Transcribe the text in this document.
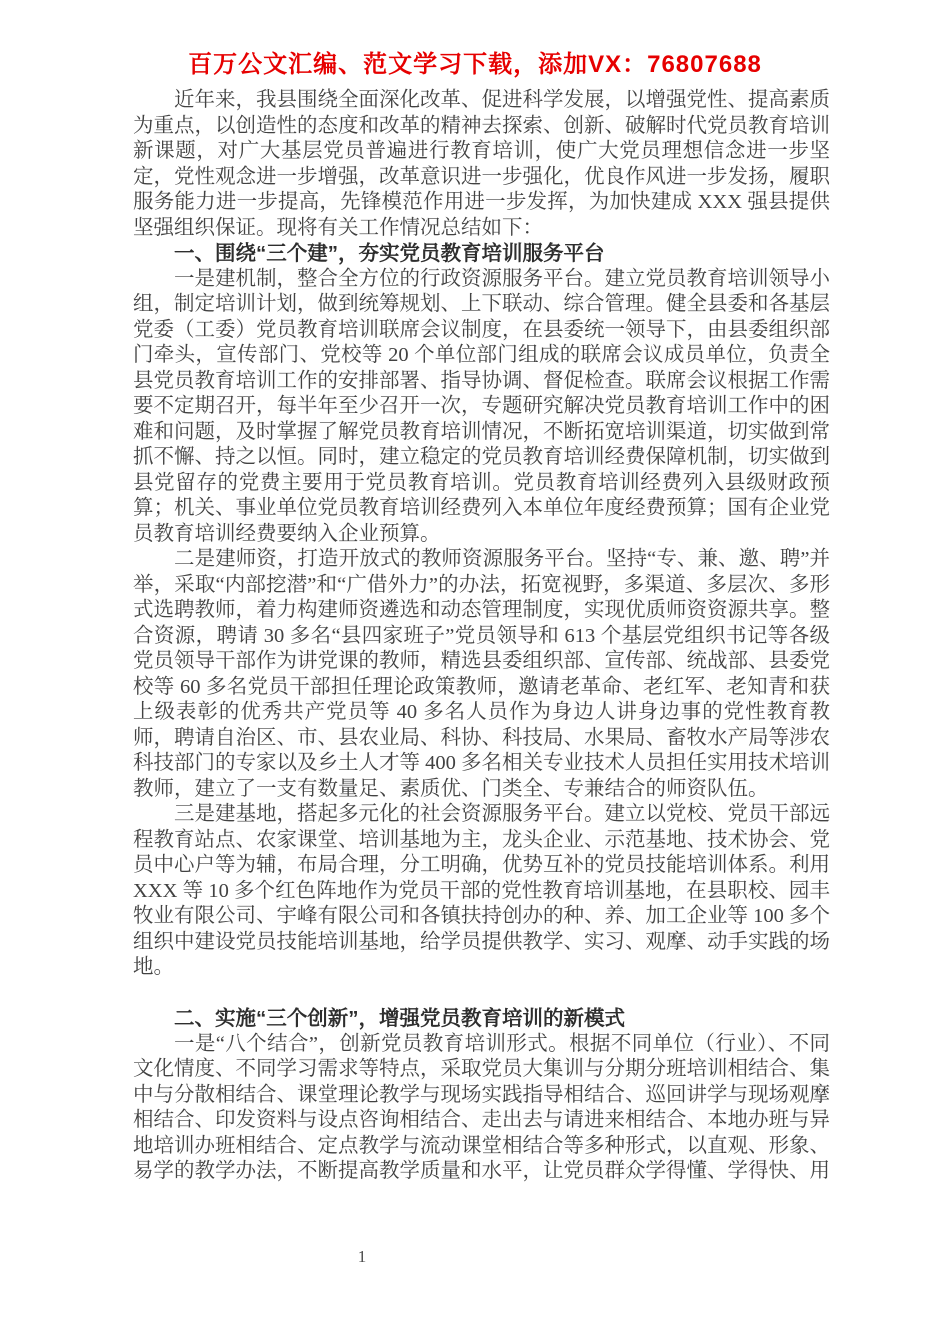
百万公文汇编、范文学习下载，添加VX：76807688

近年来，我县围绕全面深化改革、促进科学发展，以增强党性、提高素质为重点，以创造性的态度和改革的精神去探索、创新、破解时代党员教育培训新课题，对广大基层党员普遍进行教育培训，使广大党员理想信念进一步坚定，党性观念进一步增强，改革意识进一步强化，优良作风进一步发扬，履职服务能力进一步提高，先锋模范作用进一步发挥，为加快建成 XXX 强县提供坚强组织保证。现将有关工作情况总结如下：

一、围绕“三个建”，夯实党员教育培训服务平台

一是建机制，整合全方位的行政资源服务平台。建立党员教育培训领导小组，制定培训计划，做到统筹规划、上下联动、综合管理。健全县委和各基层党委（工委）党员教育培训联席会议制度，在县委统一领导下，由县委组织部门牵头，宣传部门、党校等 20 个单位部门组成的联席会议成员单位，负责全县党员教育培训工作的安排部署、指导协调、督促检查。联席会议根据工作需要不定期召开，每半年至少召开一次，专题研究解决党员教育培训工作中的困难和问题，及时掌握了解党员教育培训情况，不断拓宽培训渠道，切实做到常抓不懈、持之以恒。同时，建立稳定的党员教育培训经费保障机制，切实做到县党留存的党费主要用于党员教育培训。党员教育培训经费列入县级财政预算；机关、事业单位党员教育培训经费列入本单位年度经费预算；国有企业党员教育培训经费要纳入企业预算。

二是建师资，打造开放式的教师资源服务平台。坚持“专、兼、邀、聘”并举，采取“内部挖潜”和“广借外力”的办法，拓宽视野，多渠道、多层次、多形式选聘教师，着力构建师资遴选和动态管理制度，实现优质师资资源共享。整合资源，聘请 30 多名“县四家班子”党员领导和 613 个基层党组织书记等各级党员领导干部作为讲党课的教师，精选县委组织部、宣传部、统战部、县委党校等 60 多名党员干部担任理论政策教师，邀请老革命、老红军、老知青和获上级表彰的优秀共产党员等 40 多名人员作为身边人讲身边事的党性教育教师，聘请自治区、市、县农业局、科协、科技局、水果局、畜牧水产局等涉农科技部门的专家以及乡土人才等 400 多名相关专业技术人员担任实用技术培训教师，建立了一支有数量足、素质优、门类全、专兼结合的师资队伍。

三是建基地，搭起多元化的社会资源服务平台。建立以党校、党员干部远程教育站点、农家课堂、培训基地为主，龙头企业、示范基地、技术协会、党员中心户等为辅，布局合理，分工明确，优势互补的党员技能培训体系。利用 XXX 等 10 多个红色阵地作为党员干部的党性教育培训基地，在县职校、园丰牧业有限公司、宇峰有限公司和各镇扶持创办的种、养、加工企业等 100 多个组织中建设党员技能培训基地，给学员提供教学、实习、观摩、动手实践的场地。

二、实施“三个创新”，增强党员教育培训的新模式

一是“八个结合”，创新党员教育培训形式。根据不同单位（行业）、不同文化情度、不同学习需求等特点，采取党员大集训与分期分班培训相结合、集中与分散相结合、课堂理论教学与现场实践指导相结合、巡回讲学与现场观摩相结合、印发资料与设点咨询相结合、走出去与请进来相结合、本地办班与异地培训办班相结合、定点教学与流动课堂相结合等多种形式，以直观、形象、易学的教学办法，不断提高教学质量和水平，让党员群众学得懂、学得快、用

1
